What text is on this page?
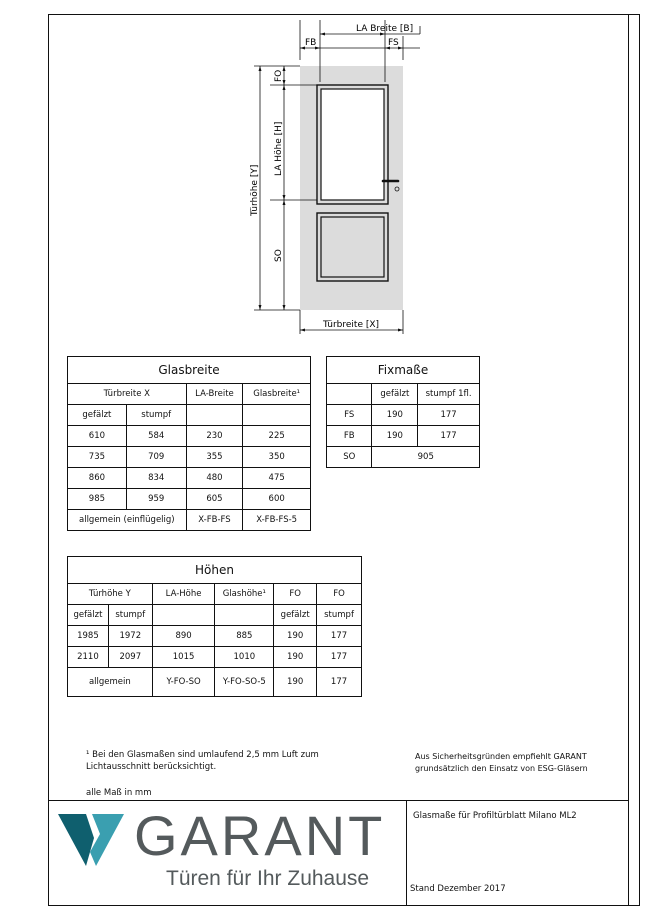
LA Breite [B]
FB	FS
FO
LA Höhe [H]
Türhöhe [Y]
SO
Türbreite [X]
Glasbreite			
Türbreite X		LA-Breite	Glasbreite¹
gefälzt	stumpf		
610	584	230	225
735	709	355	350
860	834	480	475
985	959	605	600
allgemein (einflügelig)		X-FB-FS	X-FB-FS-5
Fixmaße		
	gefälzt	stumpf 1fl.
FS	190	177
FB	190	177
SO	905	
Höhen					
Türhöhe Y		LA-Höhe	Glashöhe¹	FO	FO
gefälzt	stumpf			gefälzt	stumpf
1985	1972	890	885	190	177
2110	2097	1015	1010	190	177
allgemein		Y-FO-SO	Y-FO-SO-5	190	177
¹ Bei den Glasmaßen sind umlaufend 2,5 mm Luft zum
Lichtausschnitt berücksichtigt.
Aus Sicherheitsgründen empfiehlt GARANT
grundsätzlich den Einsatz von ESG-Gläsern
alle Maß in mm
Glasmaße für Profiltürblatt Milano ML2
Stand Dezember 2017
GARANT
Türen für Ihr Zuhause
